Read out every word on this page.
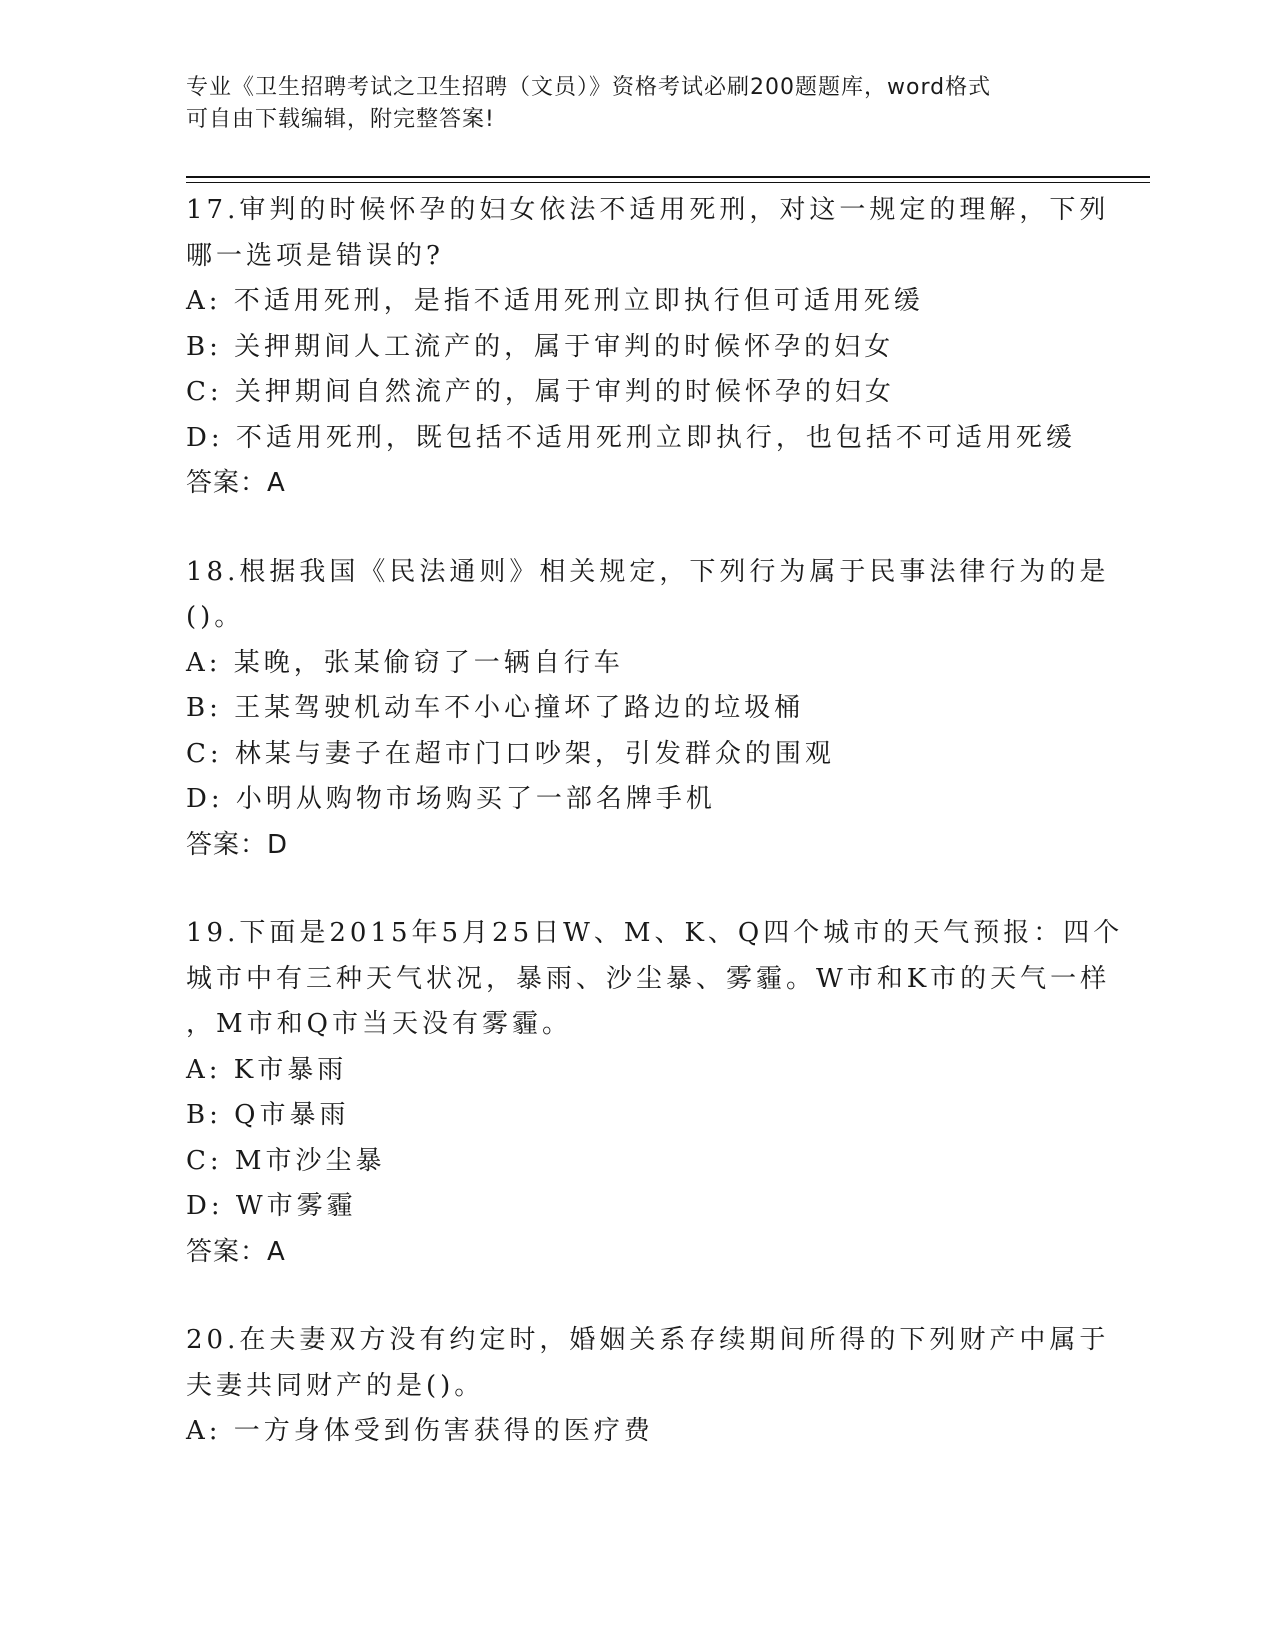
专业《卫生招聘考试之卫生招聘（文员）》资格考试必刷200题题库，word格式
可自由下载编辑，附完整答案!
17.审判的时候怀孕的妇女依法不适用死刑，对这一规定的理解，下列
哪一选项是错误的?
A: 不适用死刑，是指不适用死刑立即执行但可适用死缓
B: 关押期间人工流产的，属于审判的时候怀孕的妇女
C: 关押期间自然流产的，属于审判的时候怀孕的妇女
D: 不适用死刑，既包括不适用死刑立即执行，也包括不可适用死缓
答案：A
18.根据我国《民法通则》相关规定，下列行为属于民事法律行为的是
()。
A: 某晚，张某偷窃了一辆自行车
B: 王某驾驶机动车不小心撞坏了路边的垃圾桶
C: 林某与妻子在超市门口吵架，引发群众的围观
D: 小明从购物市场购买了一部名牌手机
答案：D
19.下面是2015年5月25日W、M、K、Q四个城市的天气预报：四个
城市中有三种天气状况，暴雨、沙尘暴、雾霾。W市和K市的天气一样
，M市和Q市当天没有雾霾。
A: K市暴雨
B: Q市暴雨
C: M市沙尘暴
D: W市雾霾
答案：A
20.在夫妻双方没有约定时，婚姻关系存续期间所得的下列财产中属于
夫妻共同财产的是()。
A: 一方身体受到伤害获得的医疗费
